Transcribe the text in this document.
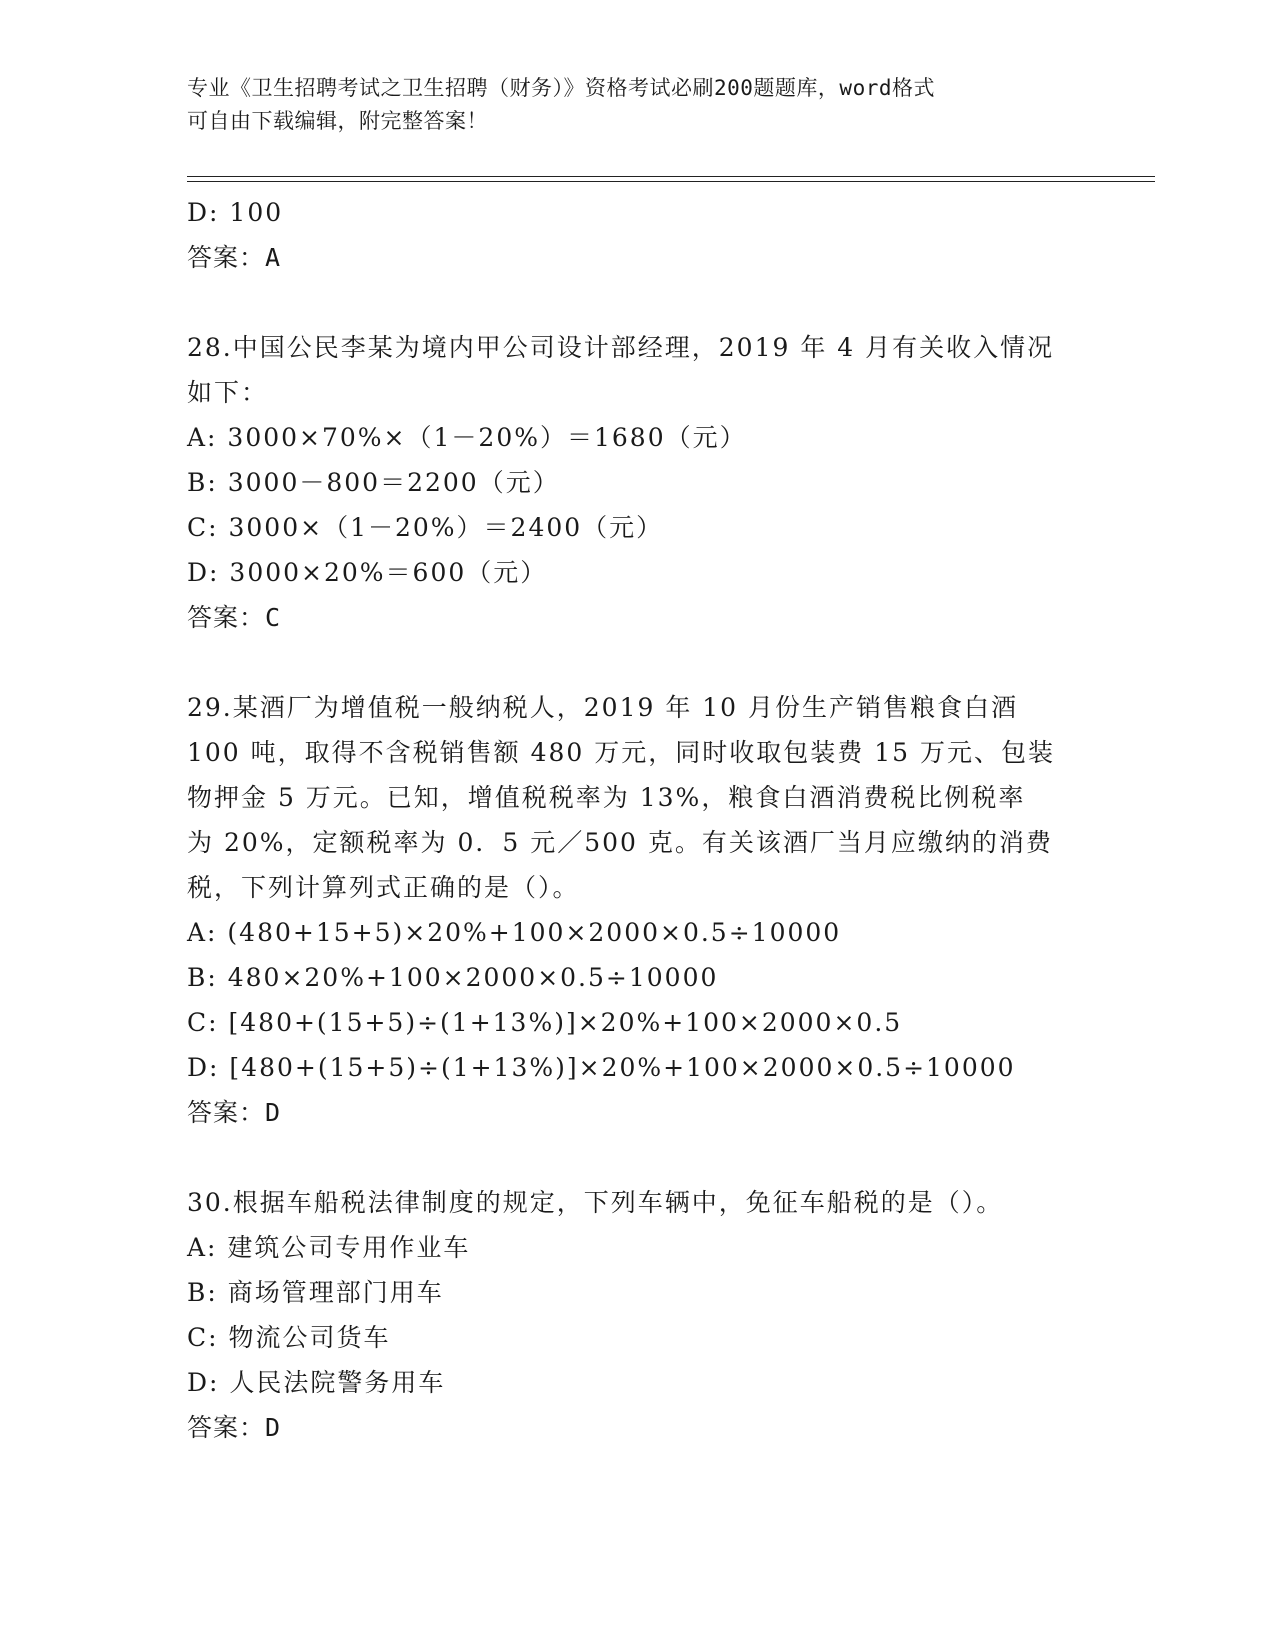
专业《卫生招聘考试之卫生招聘（财务）》资格考试必刷200题题库，word格式
可自由下载编辑，附完整答案！
D: 100
答案：A
28.中国公民李某为境内甲公司设计部经理，2019 年 4 月有关收入情况
如下：
A: 3000×70%×（1－20%）＝1680（元）
B: 3000－800＝2200（元）
C: 3000×（1－20%）＝2400（元）
D: 3000×20%＝600（元）
答案：C
29.某酒厂为增值税一般纳税人，2019 年 10 月份生产销售粮食白酒
100 吨，取得不含税销售额 480 万元，同时收取包装费 15 万元、包装
物押金 5 万元。已知，增值税税率为 13%，粮食白酒消费税比例税率
为 20%，定额税率为 0．5 元／500 克。有关该酒厂当月应缴纳的消费
税，下列计算列式正确的是（）。
A: (480+15+5)×20%+100×2000×0.5÷10000
B: 480×20%+100×2000×0.5÷10000
C: [480+(15+5)÷(1+13%)]×20%+100×2000×0.5
D: [480+(15+5)÷(1+13%)]×20%+100×2000×0.5÷10000
答案：D
30.根据车船税法律制度的规定，下列车辆中，免征车船税的是（）。
A: 建筑公司专用作业车
B: 商场管理部门用车
C: 物流公司货车
D: 人民法院警务用车
答案：D
